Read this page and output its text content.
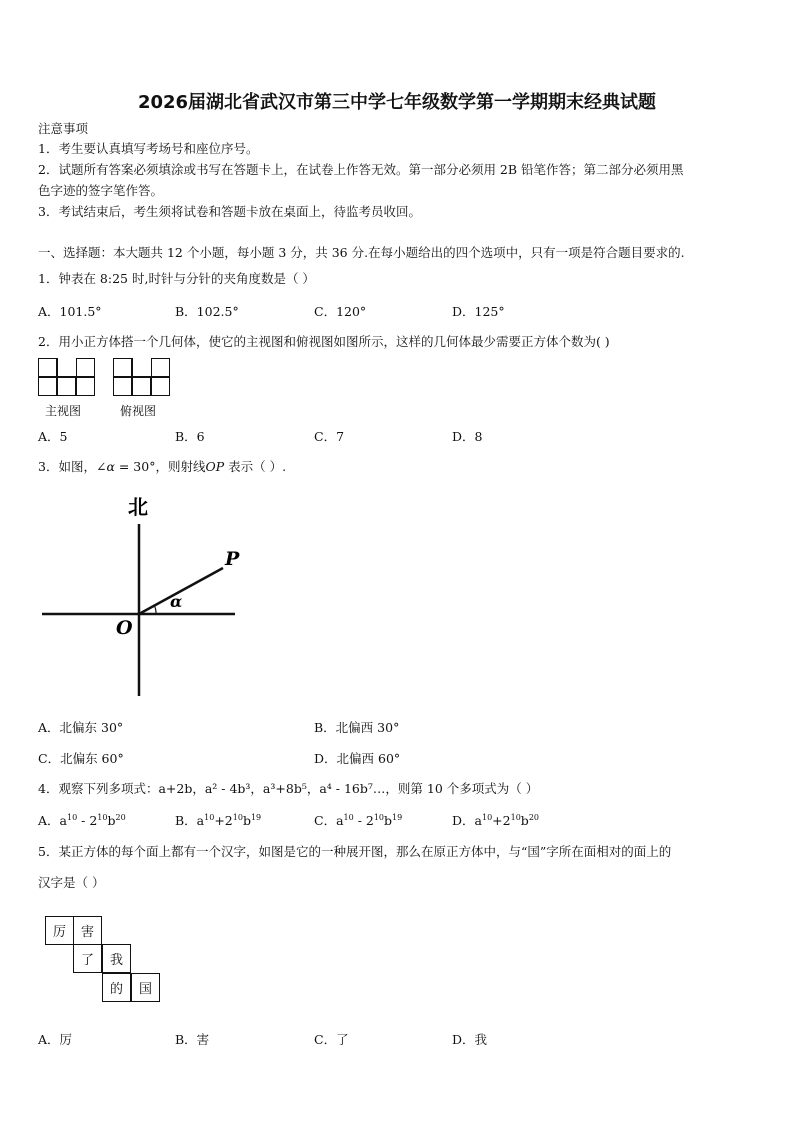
2026届湖北省武汉市第三中学七年级数学第一学期期末经典试题
注意事项
1．考生要认真填写考场号和座位序号。
2．试题所有答案必须填涂或书写在答题卡上，在试卷上作答无效。第一部分必须用 2B 铅笔作答；第二部分必须用黑
色字迹的签字笔作答。
3．考试结束后，考生须将试卷和答题卡放在桌面上，待监考员收回。
一、选择题：本大题共 12 个小题，每小题 3 分，共 36 分.在每小题给出的四个选项中，只有一项是符合题目要求的.
1．钟表在 8:25 时,时针与分针的夹角度数是（ ）
A．101.5°	B．102.5°	C．120°	D．125°
2．用小正方体搭一个几何体，使它的主视图和俯视图如图所示，这样的几何体最少需要正方体个数为( )
主视图	俯视图
A．5	B．6	C．7	D．8
3．如图，∠α = 30°，则射线OP 表示（ ）.
北
P
O
α
A．北偏东 30°	B．北偏西 30°
C．北偏东 60°	D．北偏西 60°
4．观察下列多项式：a+2b，a² - 4b³，a³+8b⁵，a⁴ - 16b⁷…，则第 10 个多项式为（ ）
A．$a^{10} - 2^{10}b^{20}$	B．$a^{10}+2^{10}b^{19}$	C．$a^{10} - 2^{10}b^{19}$	D．$a^{10}+2^{10}b^{20}$
5．某正方体的每个面上都有一个汉字，如图是它的一种展开图，那么在原正方体中，与“国”字所在面相对的面上的
汉字是（ ）
厉	害
了	我
的	国
A．厉	B．害	C．了	D．我
